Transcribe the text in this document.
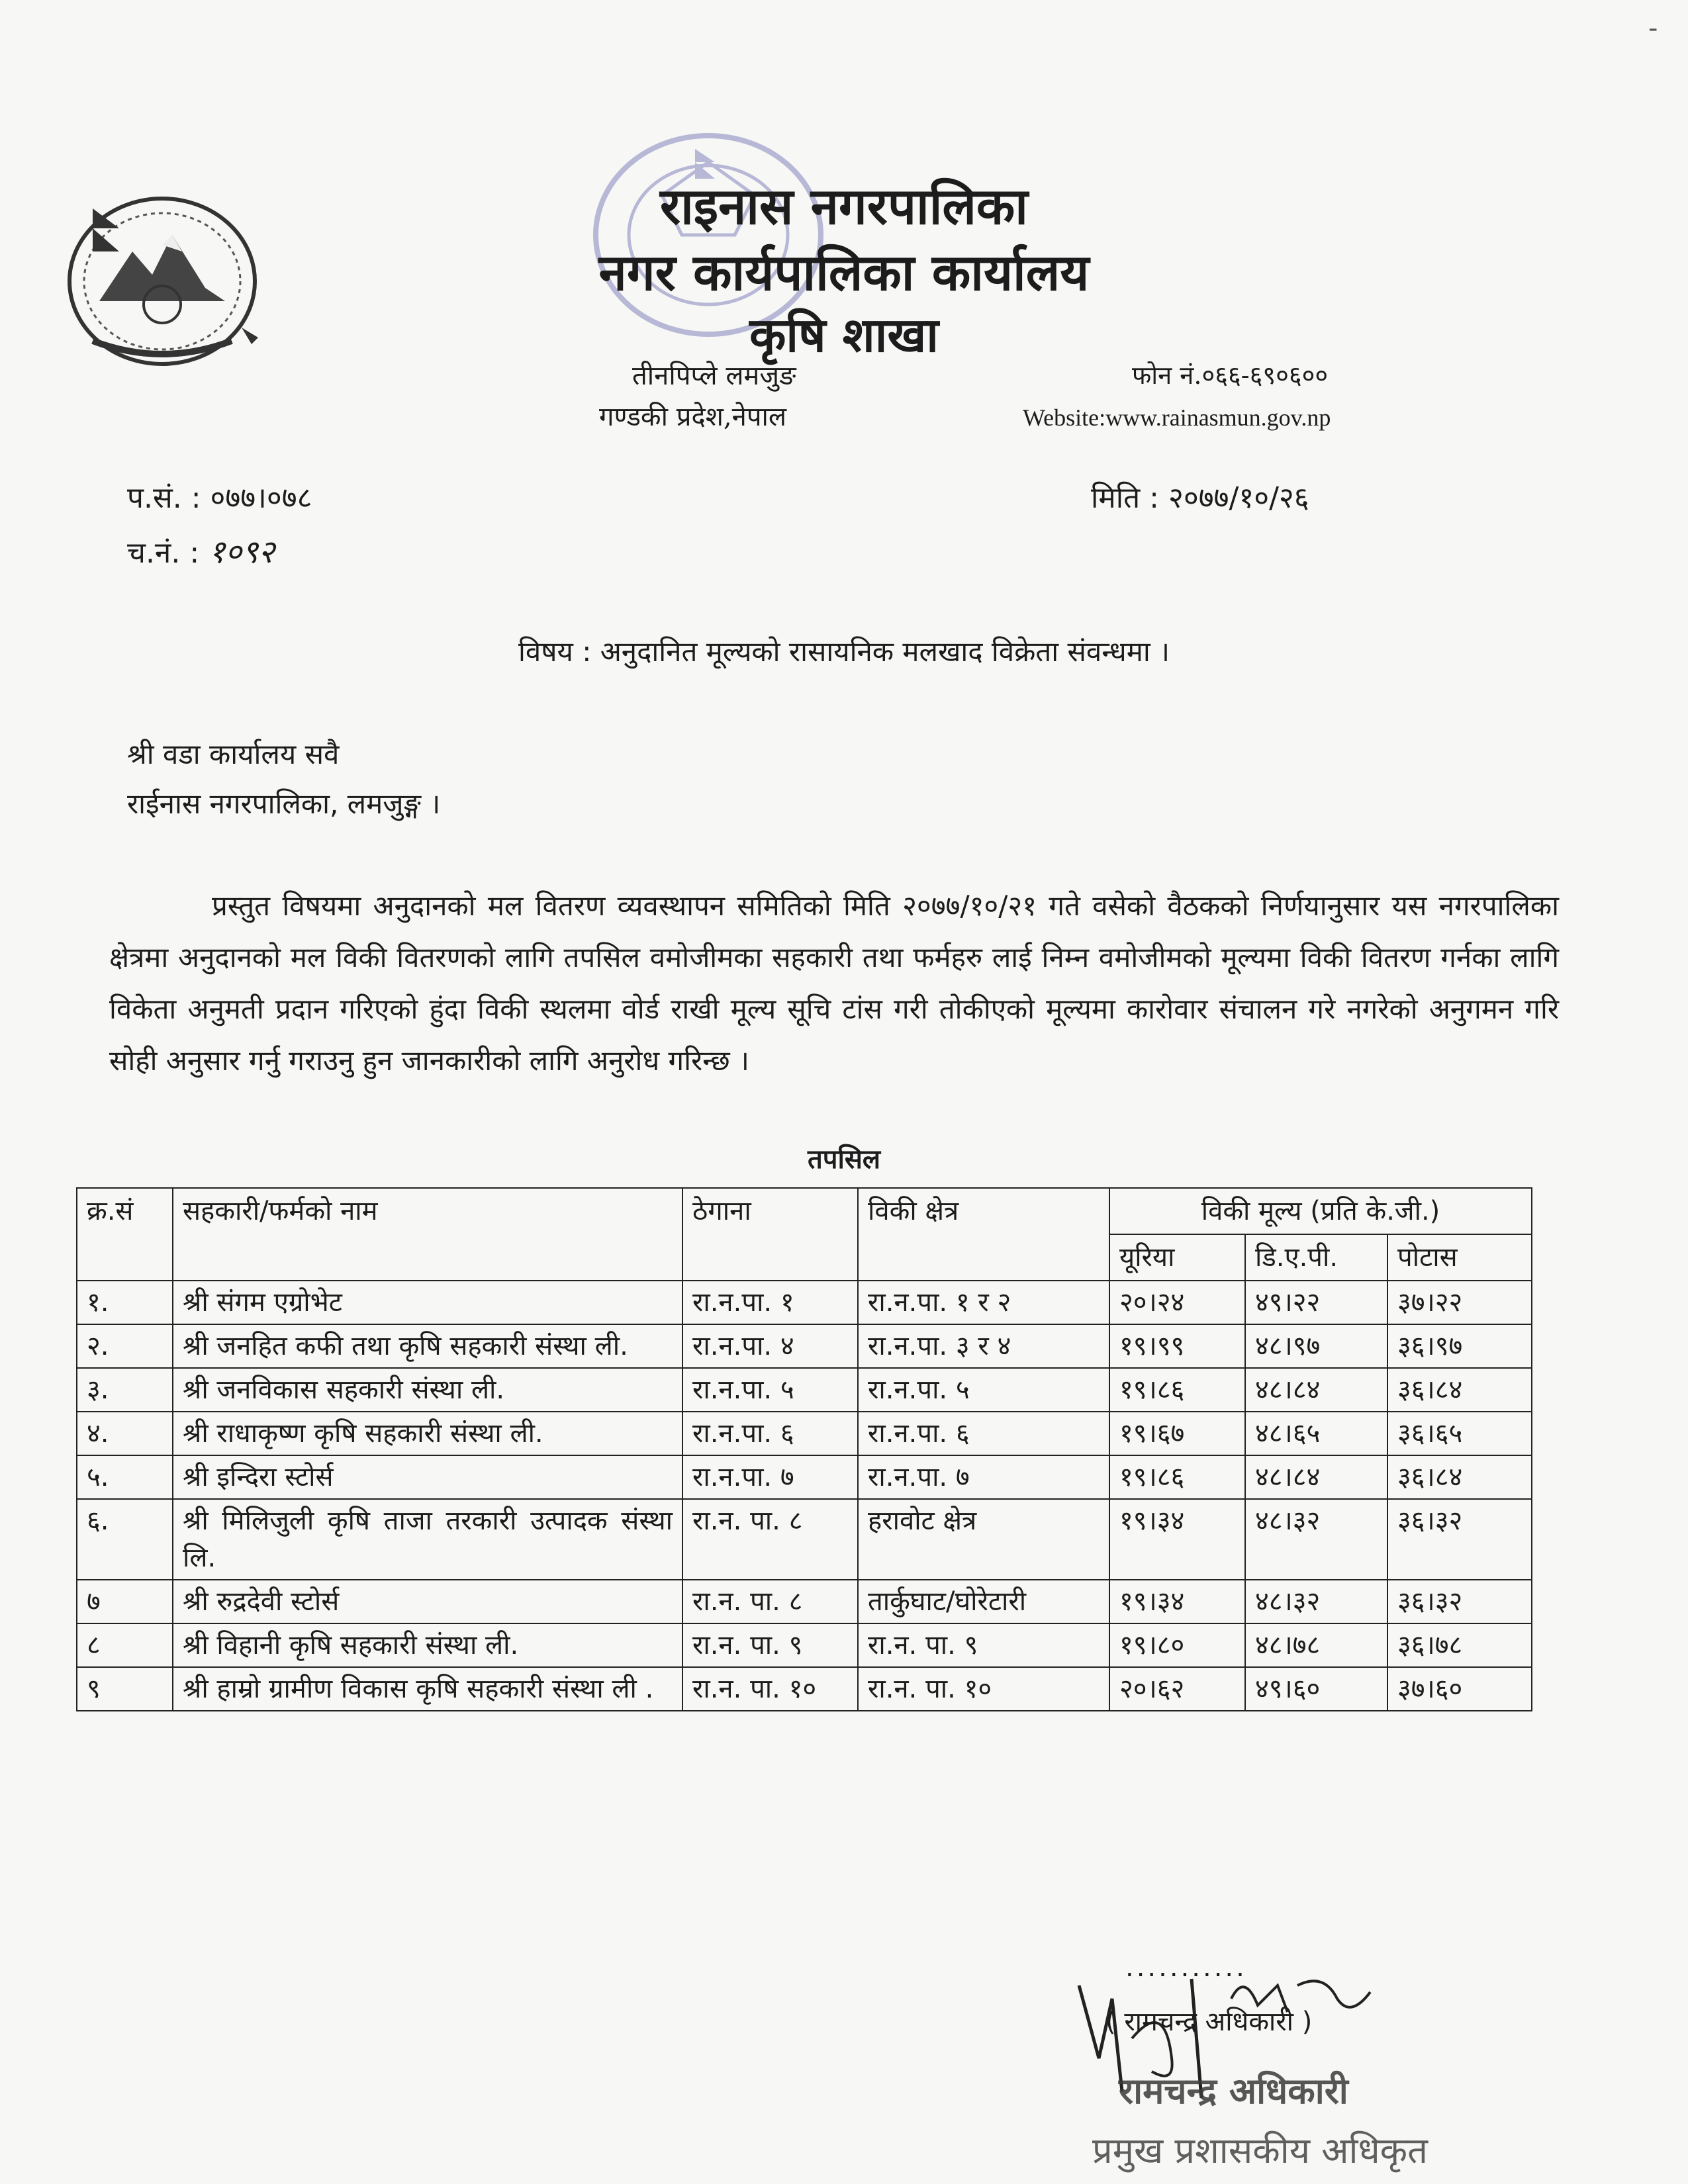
राइनास नगरपालिका
नगर कार्यपालिका कार्यालय
कृषि शाखा
तीनपिप्ले लमजुङ
गण्डकी प्रदेश,नेपाल
फोन नं.०६६-६९०६००
Website:www.rainasmun.gov.np
-
प.सं. : ०७७।०७८
च.नं. : १०९२
मिति : २०७७/१०/२६
विषय : अनुदानित मूल्यको रासायनिक मलखाद विक्रेता संवन्धमा ।
श्री वडा कार्यालय सवै
राईनास नगरपालिका, लमजुङ्ग ।
प्रस्तुत विषयमा अनुदानको मल वितरण व्यवस्थापन समितिको मिति २०७७/१०/२१ गते वसेको वैठकको निर्णयानुसार यस नगरपालिका क्षेत्रमा अनुदानको मल विकी वितरणको लागि तपसिल वमोजीमका सहकारी तथा फर्महरु लाई निम्न वमोजीमको मूल्यमा विकी वितरण गर्नका लागि विकेता अनुमती प्रदान गरिएको हुंदा विकी स्थलमा वोर्ड राखी मूल्य सूचि टांस गरी तोकीएको मूल्यमा कारोवार संचालन गरे नगरेको अनुगमन गरि सोही अनुसार गर्नु गराउनु हुन जानकारीको लागि अनुरोध गरिन्छ ।
तपसिल
क्र.सं	सहकारी/फर्मको नाम	ठेगाना	विकी क्षेत्र	विकी मूल्य (प्रति के.जी.)		
				यूरिया	डि.ए.पी.	पोटास
१.	श्री संगम एग्रोभेट	रा.न.पा. १	रा.न.पा. १ र २	२०।२४	४९।२२	३७।२२
२.	श्री जनहित कफी तथा कृषि सहकारी संस्था ली.	रा.न.पा. ४	रा.न.पा. ३ र ४	१९।९९	४८।९७	३६।९७
३.	श्री जनविकास सहकारी संस्था ली.	रा.न.पा. ५	रा.न.पा. ५	१९।८६	४८।८४	३६।८४
४.	श्री राधाकृष्ण कृषि सहकारी संस्था ली.	रा.न.पा. ६	रा.न.पा. ६	१९।६७	४८।६५	३६।६५
५.	श्री इन्दिरा स्टोर्स	रा.न.पा. ७	रा.न.पा. ७	१९।८६	४८।८४	३६।८४
६.	श्री मिलिजुली कृषि ताजा तरकारी उत्पादक संस्था लि.	रा.न. पा. ८	हरावोट क्षेत्र	१९।३४	४८।३२	३६।३२
७	श्री रुद्रदेवी स्टोर्स	रा.न. पा. ८	तार्कुघाट/घोरेटारी	१९।३४	४८।३२	३६।३२
८	श्री विहानी कृषि सहकारी संस्था ली.	रा.न. पा. ९	रा.न. पा. ९	१९।८०	४८।७८	३६।७८
९	श्री हाम्रो ग्रामीण विकास कृषि सहकारी संस्था ली .	रा.न. पा. १०	रा.न. पा. १०	२०।६२	४९।६०	३७।६०
...........
( रामचन्द्र अधिकारी )
रामचन्द्र अधिकारी
प्रमुख प्रशासकीय अधिकृत
